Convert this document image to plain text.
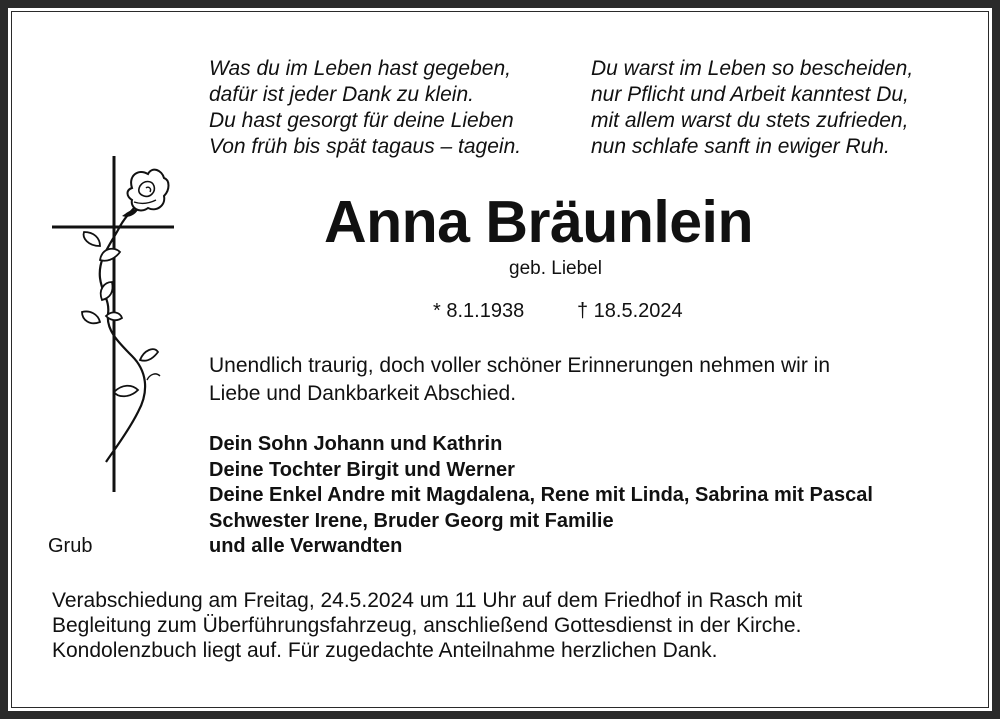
Was du im Leben hast gegeben,
dafür ist jeder Dank zu klein.
Du hast gesorgt für deine Lieben
Von früh bis spät tagaus – tagein.
Du warst im Leben so bescheiden,
nur Pflicht und Arbeit kanntest Du,
mit allem warst du stets zufrieden,
nun schlafe sanft in ewiger Ruh.
Anna Bräunlein
geb. Liebel
* 8.1.1938	† 18.5.2024
Unendlich traurig, doch voller schöner Erinnerungen nehmen wir in
Liebe und Dankbarkeit Abschied.
Dein Sohn Johann und Kathrin
Deine Tochter Birgit und Werner
Deine Enkel Andre mit Magdalena, Rene mit Linda, Sabrina mit Pascal
Schwester Irene, Bruder Georg mit Familie
und alle Verwandten
Grub
Verabschiedung am Freitag, 24.5.2024 um 11 Uhr auf dem Friedhof in Rasch mit
Begleitung zum Überführungsfahrzeug, anschließend Gottesdienst in der Kirche.
Kondolenzbuch liegt auf. Für zugedachte Anteilnahme herzlichen Dank.
